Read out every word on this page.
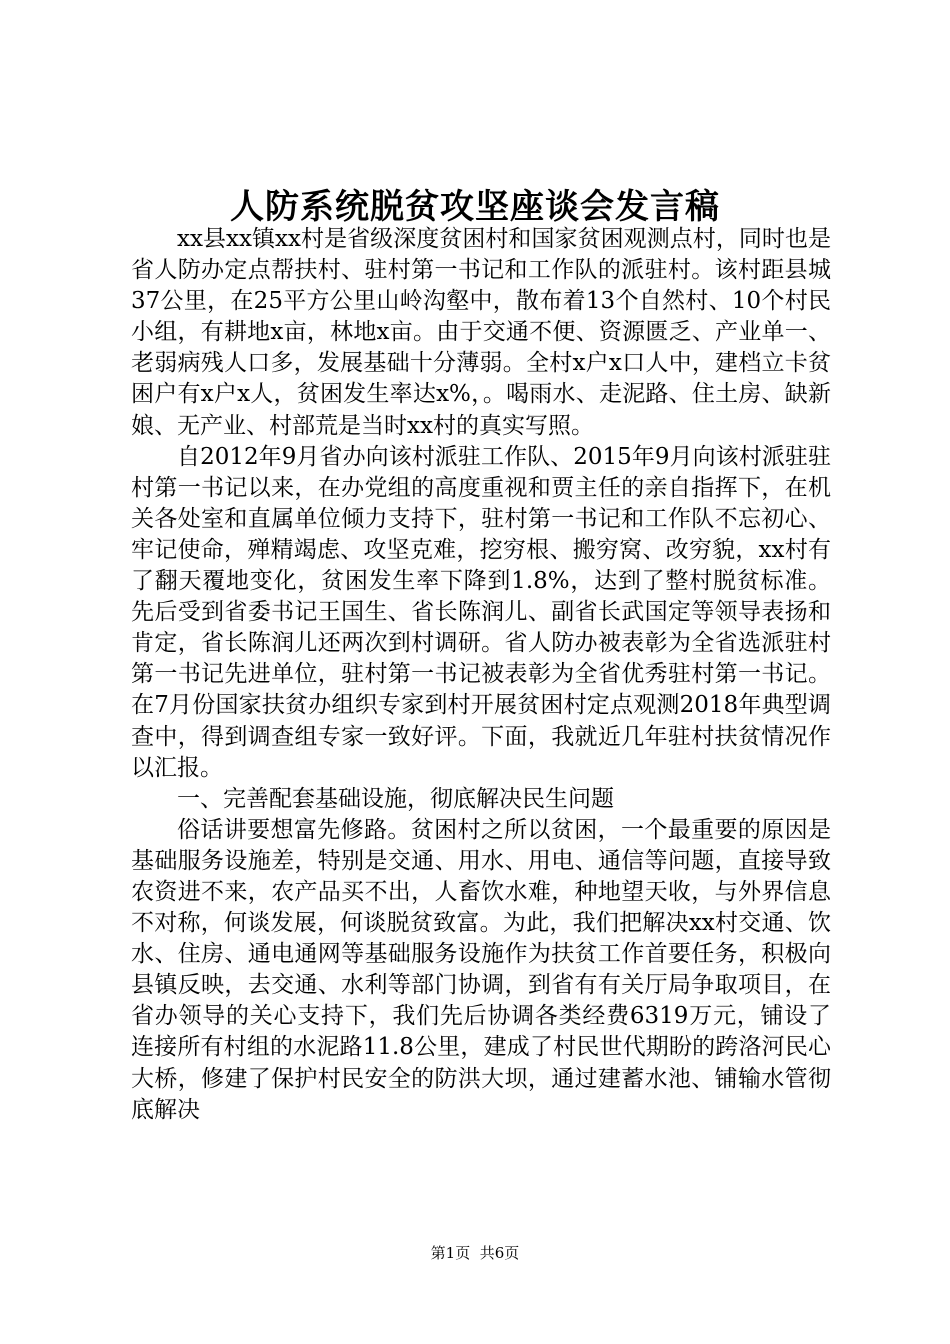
人防系统脱贫攻坚座谈会发言稿

xx县xx镇xx村是省级深度贫困村和国家贫困观测点村，同时也是省人防办定点帮扶村、驻村第一书记和工作队的派驻村。该村距县城37公里，在25平方公里山岭沟壑中，散布着13个自然村、10个村民小组，有耕地x亩，林地x亩。由于交通不便、资源匮乏、产业单一、老弱病残人口多，发展基础十分薄弱。全村x户x口人中，建档立卡贫困户有x户x人，贫困发生率达x%，。喝雨水、走泥路、住土房、缺新娘、无产业、村部荒是当时xx村的真实写照。

自2012年9月省办向该村派驻工作队、2015年9月向该村派驻驻村第一书记以来，在办党组的高度重视和贾主任的亲自指挥下，在机关各处室和直属单位倾力支持下，驻村第一书记和工作队不忘初心、牢记使命，殚精竭虑、攻坚克难，挖穷根、搬穷窝、改穷貌，xx村有了翻天覆地变化，贫困发生率下降到1.8%，达到了整村脱贫标准。先后受到省委书记王国生、省长陈润儿、副省长武国定等领导表扬和肯定，省长陈润儿还两次到村调研。省人防办被表彰为全省选派驻村第一书记先进单位，驻村第一书记被表彰为全省优秀驻村第一书记。在7月份国家扶贫办组织专家到村开展贫困村定点观测2018年典型调查中，得到调查组专家一致好评。下面，我就近几年驻村扶贫情况作以汇报。

一、完善配套基础设施，彻底解决民生问题

俗话讲要想富先修路。贫困村之所以贫困，一个最重要的原因是基础服务设施差，特别是交通、用水、用电、通信等问题，直接导致农资进不来，农产品买不出，人畜饮水难，种地望天收，与外界信息不对称，何谈发展，何谈脱贫致富。为此，我们把解决xx村交通、饮水、住房、通电通网等基础服务设施作为扶贫工作首要任务，积极向县镇反映，去交通、水利等部门协调，到省有有关厅局争取项目，在省办领导的关心支持下，我们先后协调各类经费6319万元，铺设了连接所有村组的水泥路11.8公里，建成了村民世代期盼的跨洛河民心大桥，修建了保护村民安全的防洪大坝，通过建蓄水池、铺输水管彻底解决

第1页 共6页
